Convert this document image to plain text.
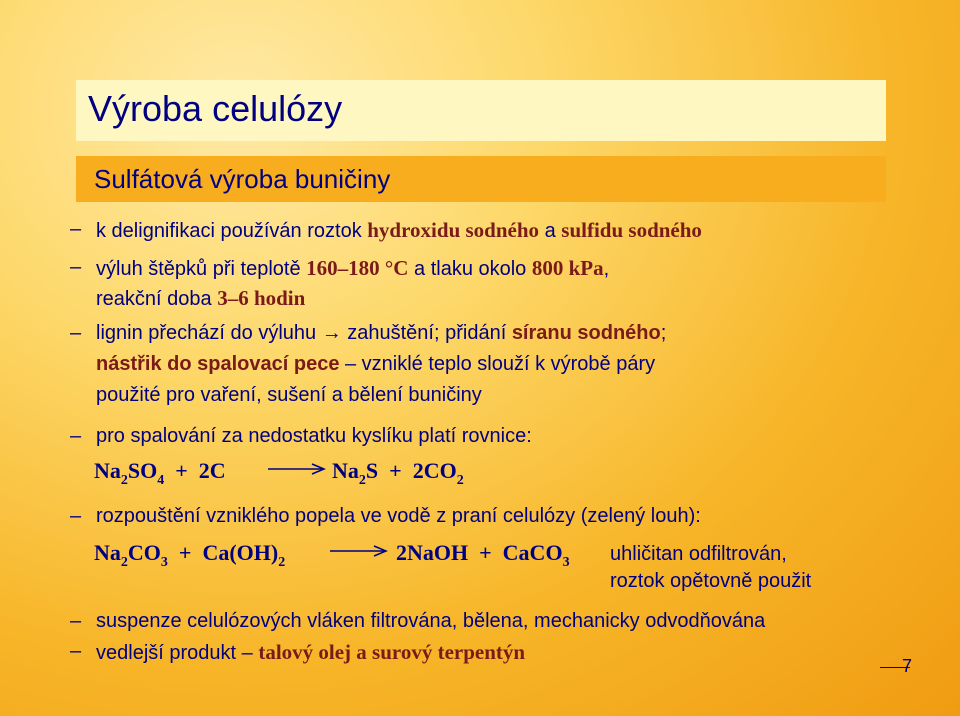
Výroba celulózy
Sulfátová výroba buničiny
– k delignifikaci používán roztok hydroxidu sodného a sulfidu sodného
– výluh štěpků při teplotě 160–180 °C a tlaku okolo 800 kPa,
reakční doba 3–6 hodin
– lignin přechází do výluhu → zahuštění; přidání síranu sodného;
nástřik do spalovací pece – vzniklé teplo slouží k výrobě páry
použité pro vaření, sušení a bělení buničiny
– pro spalování za nedostatku kyslíku platí rovnice:
$Na_2SO_4 + 2C$	→ $Na_2S + 2CO_2$
– rozpouštění vzniklého popela ve vodě z praní celulózy (zelený louh):
$Na_2CO_3 + Ca(OH)_2$ → 2NaOH + CaCO$_3$ uhličitan odfiltrován,
roztok opětovně použit
– suspenze celulózových vláken filtrována, bělena, mechanicky odvodňována
– vedlejší produkt – talový olej a surový terpentýn
7
